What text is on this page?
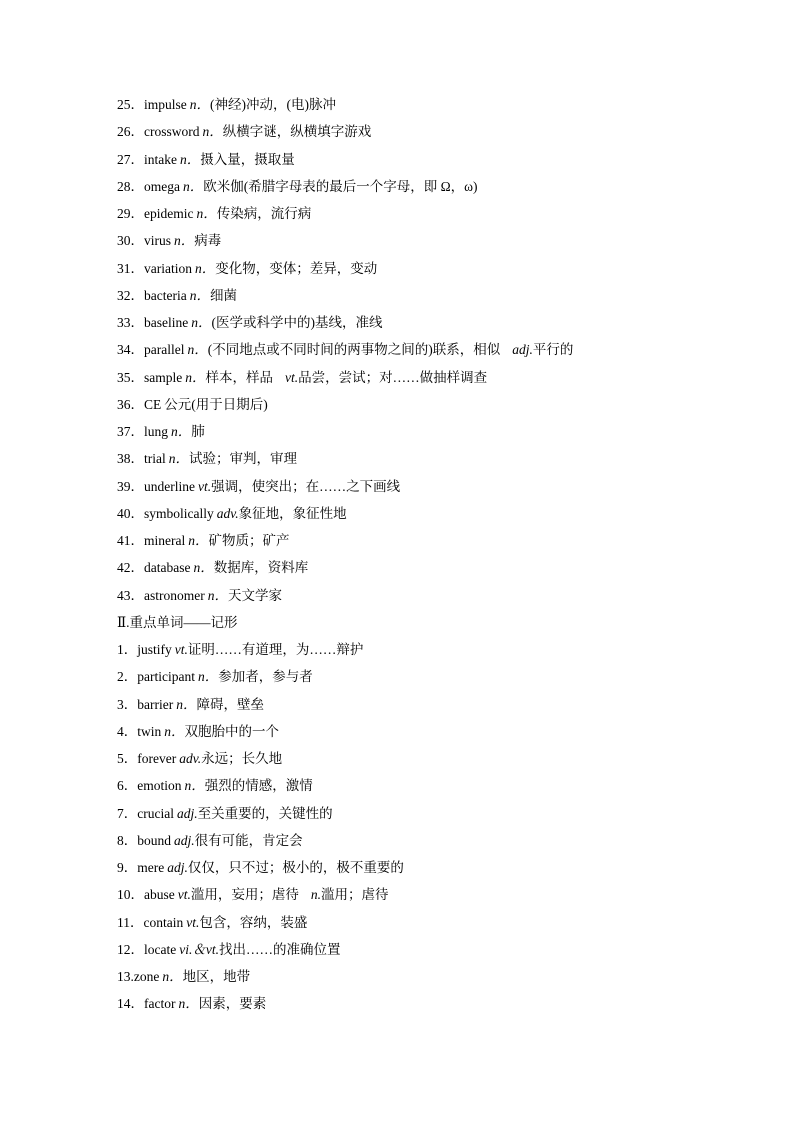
25．impulse n．(神经)冲动，(电)脉冲
26．crossword n．纵横字谜，纵横填字游戏
27．intake n．摄入量，摄取量
28．omega n．欧米伽(希腊字母表的最后一个字母，即 Ω，ω)
29．epidemic n．传染病，流行病
30．virus n．病毒
31．variation n．变化物，变体；差异，变动
32．bacteria n．细菌
33．baseline n．(医学或科学中的)基线，准线
34．parallel n．(不同地点或不同时间的两事物之间的)联系，相似 adj.平行的
35．sample n．样本，样品 vt.品尝，尝试；对……做抽样调查
36．CE 公元(用于日期后)
37．lung n．肺
38．trial n．试验；审判，审理
39．underline vt.强调，使突出；在……之下画线
40．symbolically adv.象征地，象征性地
41．mineral n．矿物质；矿产
42．database n．数据库，资料库
43．astronomer n．天文学家
Ⅱ.重点单词——记形
1．justify vt.证明……有道理，为……辩护
2．participant n．参加者，参与者
3．barrier n．障碍，壁垒
4．twin n．双胞胎中的一个
5．forever adv.永远；长久地
6．emotion n．强烈的情感，激情
7．crucial adj.至关重要的，关键性的
8．bound adj.很有可能，肯定会
9．mere adj.仅仅，只不过；极小的，极不重要的
10．abuse vt.滥用，妄用；虐待 n.滥用；虐待
11．contain vt.包含，容纳，装盛
12．locate vi.＆vt.找出……的准确位置
13.zone n．地区，地带
14．factor n．因素，要素
